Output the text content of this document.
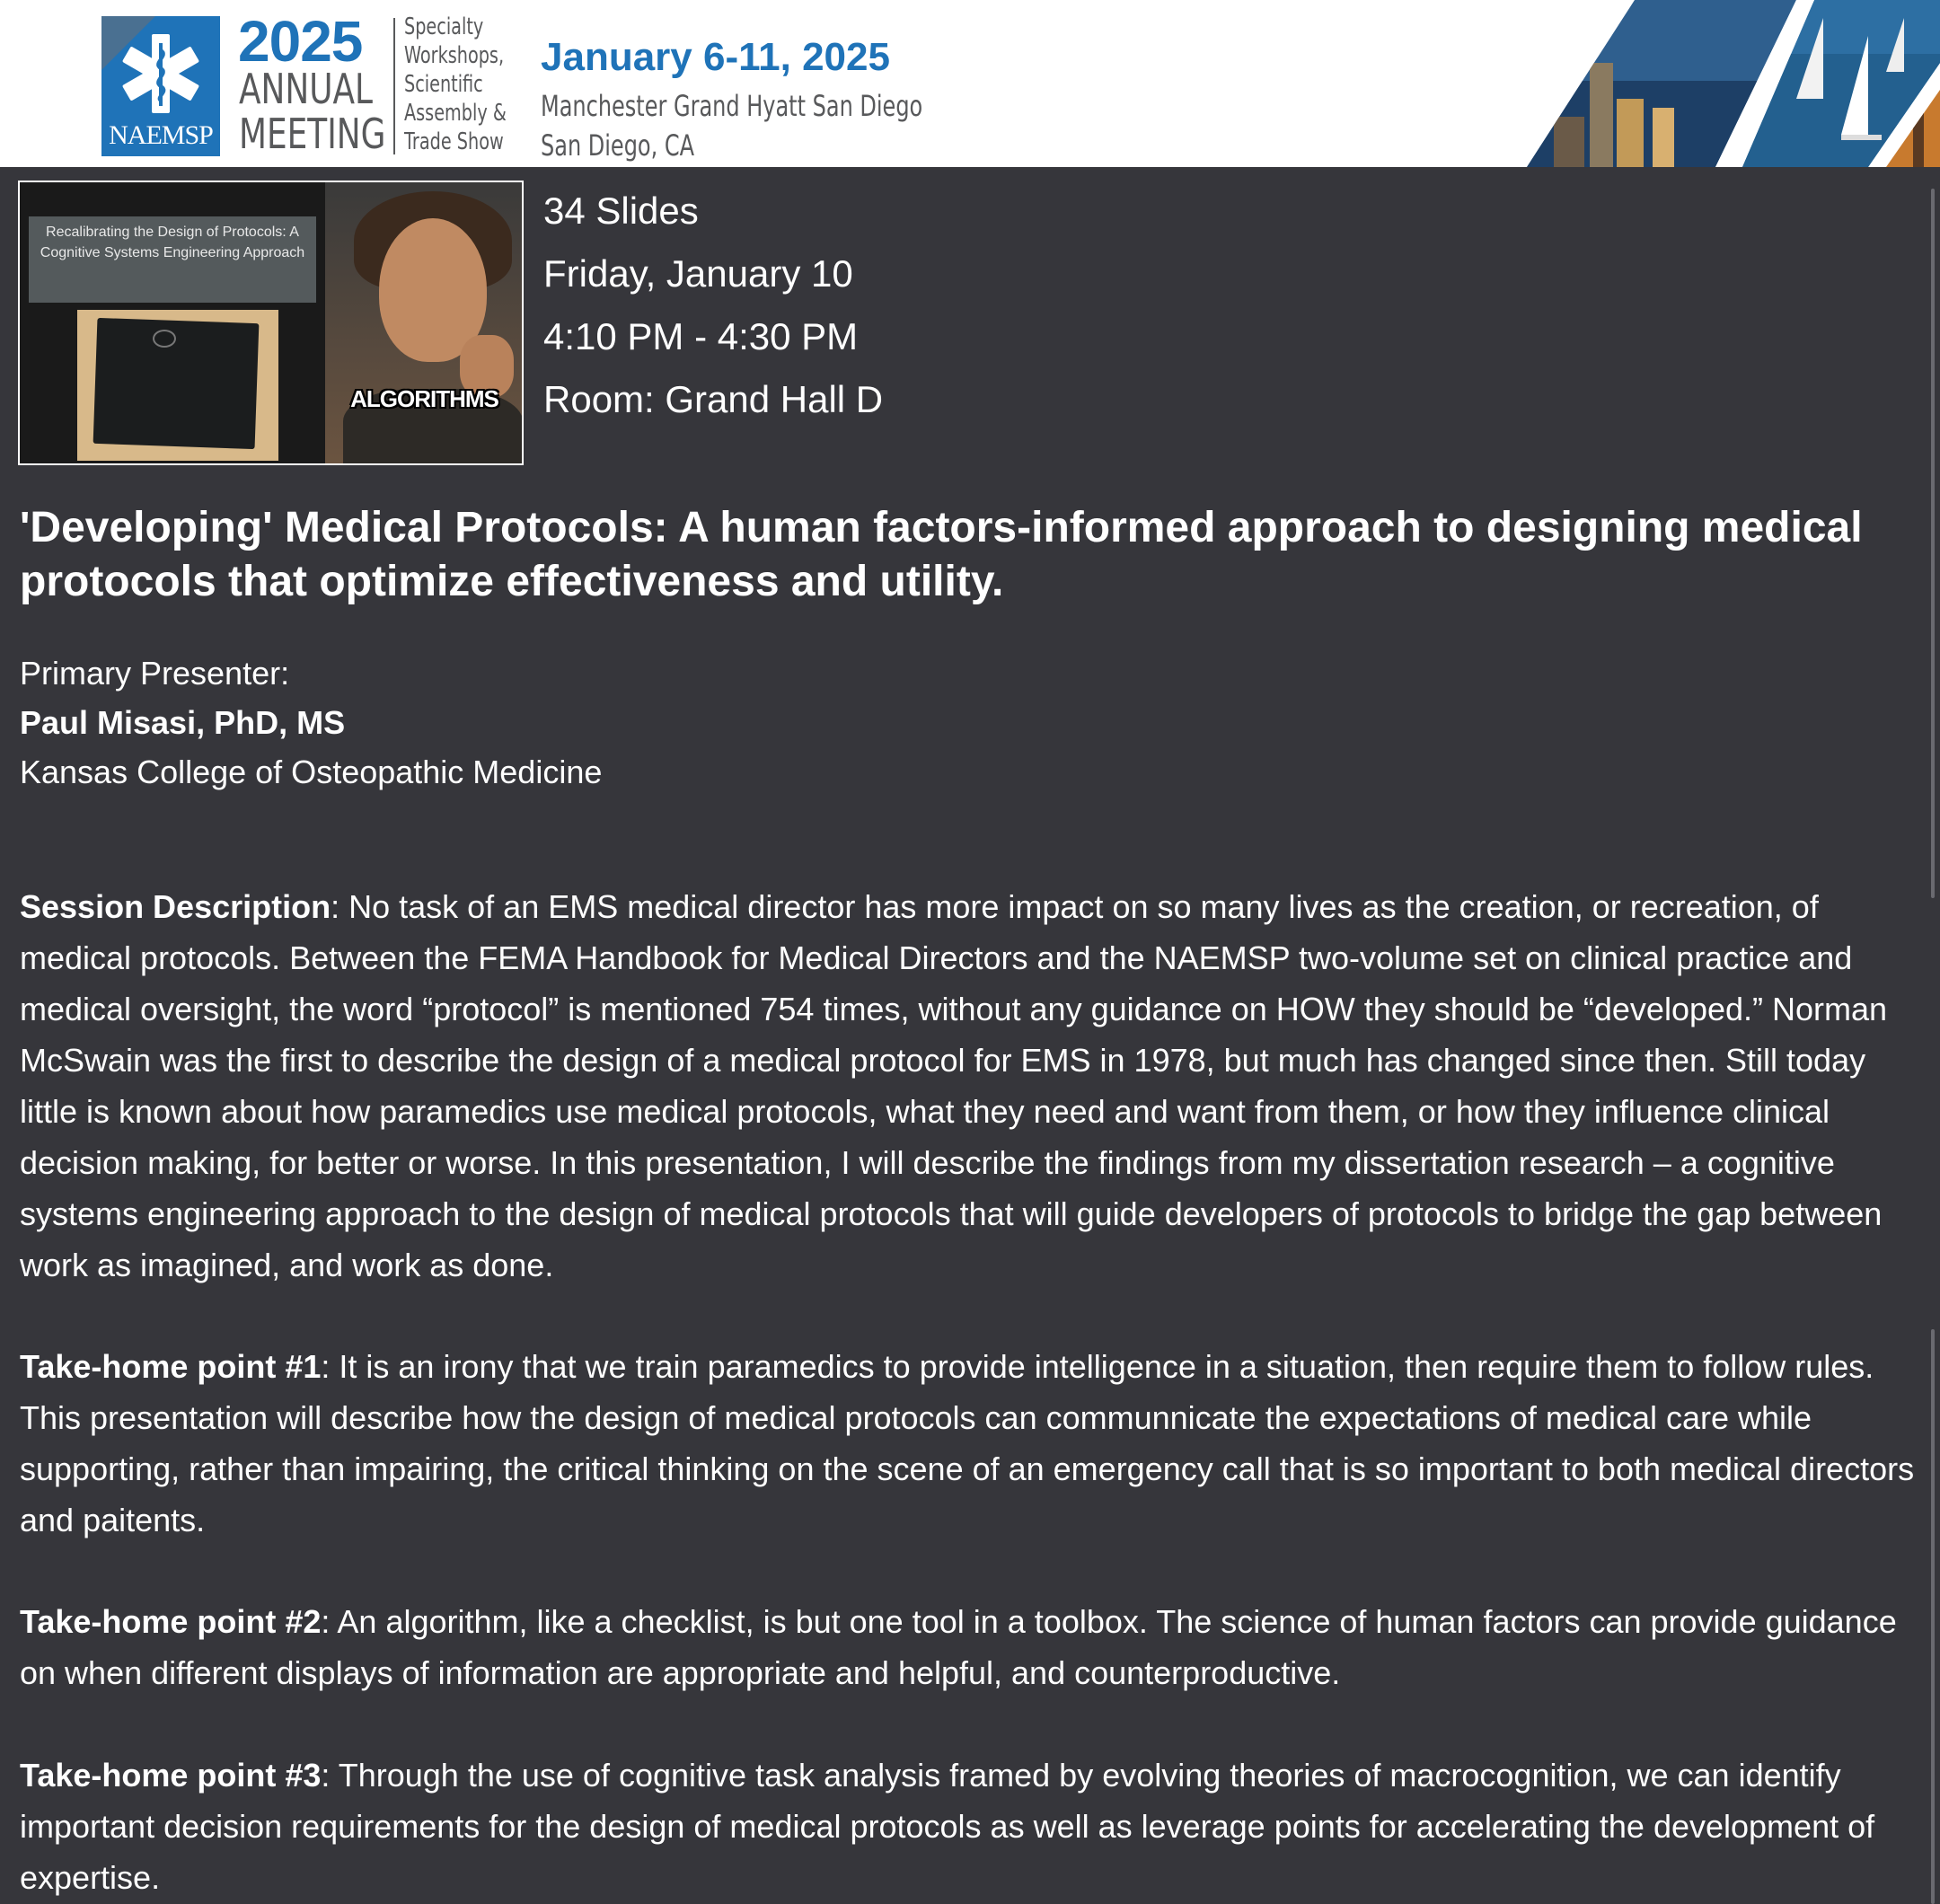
NAEMSP
2025
ANNUAL
MEETING
Specialty
Workshops,
Scientific
Assembly &
Trade Show
January 6-11, 2025
Manchester Grand Hyatt San Diego
San Diego, CA
Recalibrating the Design of Protocols: A Cognitive Systems Engineering Approach
ALGORITHMS
34 Slides
Friday, January 10
4:10 PM - 4:30 PM
Room: Grand Hall D
'Developing' Medical Protocols: A human factors-informed approach to designing medical protocols that optimize effectiveness and utility.
Primary Presenter:
Paul Misasi, PhD, MS
Kansas College of Osteopathic Medicine
Session Description: No task of an EMS medical director has more impact on so many lives as the creation, or recreation, of medical protocols. Between the FEMA Handbook for Medical Directors and the NAEMSP two-volume set on clinical practice and medical oversight, the word “protocol” is mentioned 754 times, without any guidance on HOW they should be “developed.” Norman McSwain was the first to describe the design of a medical protocol for EMS in 1978, but much has changed since then. Still today little is known about how paramedics use medical protocols, what they need and want from them, or how they influence clinical decision making, for better or worse. In this presentation, I will describe the findings from my dissertation research – a cognitive systems engineering approach to the design of medical protocols that will guide developers of protocols to bridge the gap between work as imagined, and work as done.
Take-home point #1: It is an irony that we train paramedics to provide intelligence in a situation, then require them to follow rules. This presentation will describe how the design of medical protocols can communnicate the expectations of medical care while supporting, rather than impairing, the critical thinking on the scene of an emergency call that is so important to both medical directors and paitents.
Take-home point #2: An algorithm, like a checklist, is but one tool in a toolbox. The science of human factors can provide guidance on when different displays of information are appropriate and helpful, and counterproductive.
Take-home point #3: Through the use of cognitive task analysis framed by evolving theories of macrocognition, we can identify important decision requirements for the design of medical protocols as well as leverage points for accelerating the development of expertise.
